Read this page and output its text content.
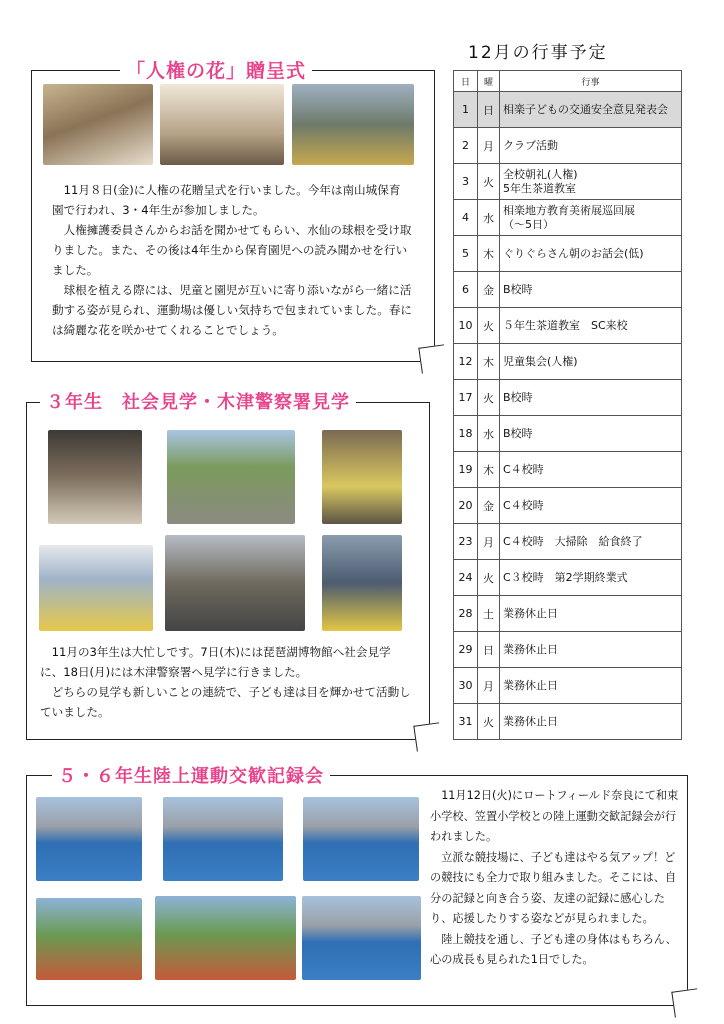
「人権の花」贈呈式

11月８日(金)に人権の花贈呈式を行いました。今年は南山城保育園で行われ、3・4年生が参加しました。

人権擁護委員さんからお話を聞かせてもらい、水仙の球根を受け取りました。また、その後は4年生から保育園児への読み聞かせを行いました。

球根を植える際には、児童と園児が互いに寄り添いながら一緒に活動する姿が見られ、運動場は優しい気持ちで包まれていました。春には綺麗な花を咲かせてくれることでしょう。

３年生　社会見学・木津警察署見学

11月の3年生は大忙しです。7日(木)には琵琶湖博物館へ社会見学に、18日(月)には木津警察署へ見学に行きました。

どちらの見学も新しいことの連続で、子ども達は目を輝かせて活動していました。

５・６年生陸上運動交歓記録会

11月12日(火)にロートフィールド奈良にて和束小学校、笠置小学校との陸上運動交歓記録会が行われました。

立派な競技場に、子ども達はやる気アップ！どの競技にも全力で取り組みました。そこには、自分の記録と向き合う姿、友達の記録に感心したり、応援したりする姿などが見られました。

陸上競技を通し、子ども達の身体はもちろん、心の成長も見られた1日でした。

12月の行事予定
日	曜	行事
1	日	相楽子どもの交通安全意見発表会
2	月	クラブ活動
3	火	全校朝礼(人権)
5年生茶道教室
4	水	相楽地方教育美術展巡回展
（～5日）
5	木	ぐりぐらさん朝のお話会(低)
6	金	B校時
10	火	５年生茶道教室　SC来校
12	木	児童集会(人権)
17	火	B校時
18	水	B校時
19	木	C４校時
20	金	C４校時
23	月	C４校時　大掃除　給食終了
24	火	C３校時　第2学期終業式
28	土	業務休止日
29	日	業務休止日
30	月	業務休止日
31	火	業務休止日
